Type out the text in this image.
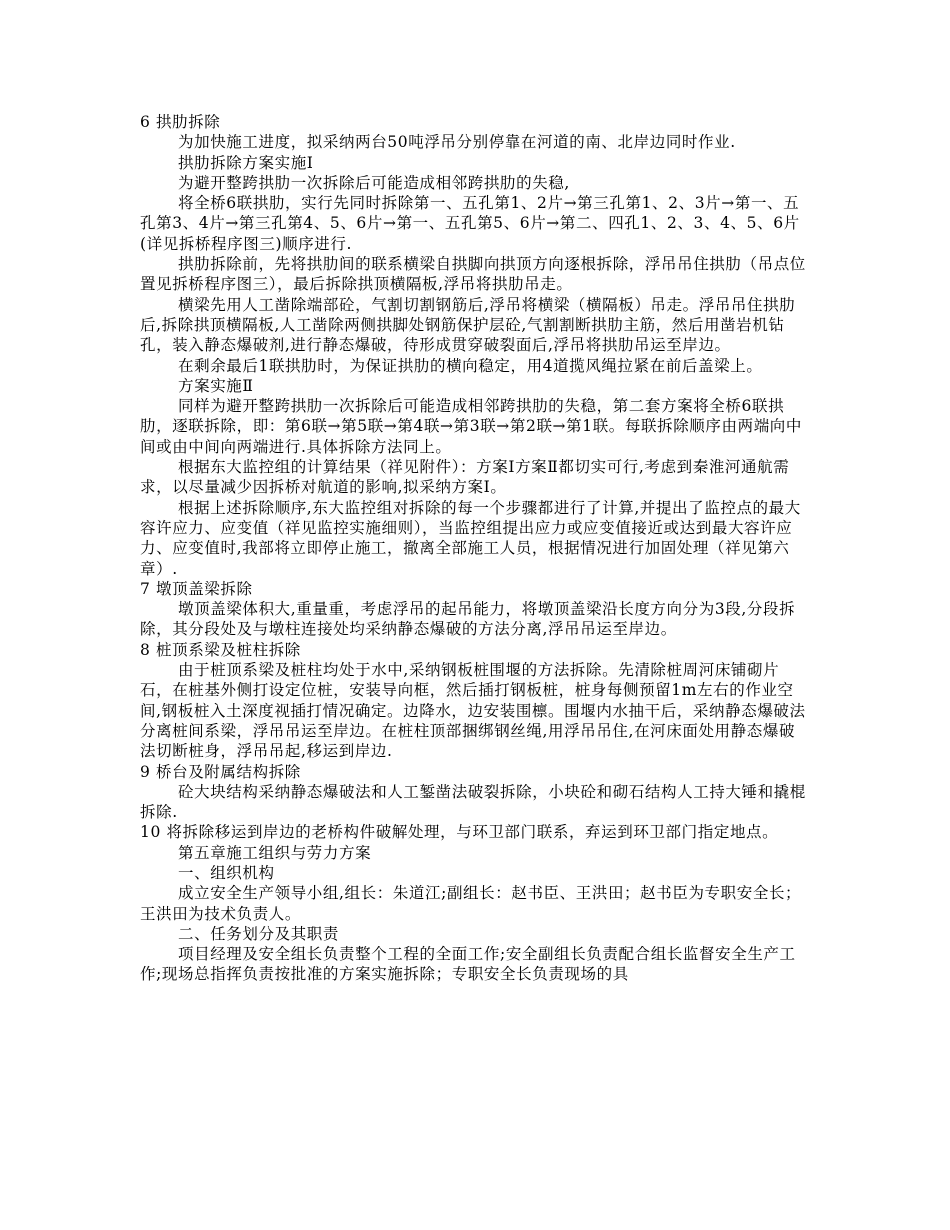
6 拱肋拆除

为加快施工进度，拟采纳两台50吨浮吊分别停靠在河道的南、北岸边同时作业.

拱肋拆除方案实施Ⅰ

为避开整跨拱肋一次拆除后可能造成相邻跨拱肋的失稳,

将全桥6联拱肋，实行先同时拆除第一、五孔第1、2片→第三孔第1、2、3片→第一、五孔第3、4片→第三孔第4、5、6片→第一、五孔第5、6片→第二、四孔1、2、3、4、5、6片(详见拆桥程序图三)顺序进行.

拱肋拆除前，先将拱肋间的联系横梁自拱脚向拱顶方向逐根拆除，浮吊吊住拱肋（吊点位置见拆桥程序图三），最后拆除拱顶横隔板,浮吊将拱肋吊走。

横梁先用人工凿除端部砼，气割切割钢筋后,浮吊将横梁（横隔板）吊走。浮吊吊住拱肋后,拆除拱顶横隔板,人工凿除两侧拱脚处钢筋保护层砼,气割割断拱肋主筋，然后用凿岩机钻孔，装入静态爆破剂,进行静态爆破，待形成贯穿破裂面后,浮吊将拱肋吊运至岸边。

在剩余最后1联拱肋时，为保证拱肋的横向稳定，用4道揽风绳拉紧在前后盖梁上。

方案实施Ⅱ

同样为避开整跨拱肋一次拆除后可能造成相邻跨拱肋的失稳，第二套方案将全桥6联拱肋，逐联拆除，即：第6联→第5联→第4联→第3联→第2联→第1联。每联拆除顺序由两端向中间或由中间向两端进行.具体拆除方法同上。

根据东大监控组的计算结果（祥见附件）：方案Ⅰ方案Ⅱ都切实可行,考虑到秦淮河通航需求，以尽量减少因拆桥对航道的影响,拟采纳方案Ⅰ。

根据上述拆除顺序,东大监控组对拆除的每一个步骤都进行了计算,并提出了监控点的最大容许应力、应变值（祥见监控实施细则），当监控组提出应力或应变值接近或达到最大容许应力、应变值时,我部将立即停止施工，撤离全部施工人员，根据情况进行加固处理（祥见第六章）.

7 墩顶盖梁拆除

墩顶盖梁体积大,重量重，考虑浮吊的起吊能力，将墩顶盖梁沿长度方向分为3段,分段拆除，其分段处及与墩柱连接处均采纳静态爆破的方法分离,浮吊吊运至岸边。

8 桩顶系梁及桩柱拆除

由于桩顶系梁及桩柱均处于水中,采纳钢板桩围堰的方法拆除。先清除桩周河床铺砌片石，在桩基外侧打设定位桩，安装导向框，然后插打钢板桩，桩身每侧预留1m左右的作业空间,钢板桩入土深度视插打情况确定。边降水，边安装围檩。围堰内水抽干后，采纳静态爆破法分离桩间系梁，浮吊吊运至岸边。在桩柱顶部捆绑钢丝绳,用浮吊吊住,在河床面处用静态爆破法切断桩身，浮吊吊起,移运到岸边.

9 桥台及附属结构拆除

砼大块结构采纳静态爆破法和人工錾凿法破裂拆除，小块砼和砌石结构人工持大锤和撬棍拆除.

10 将拆除移运到岸边的老桥构件破解处理，与环卫部门联系，弃运到环卫部门指定地点。

第五章施工组织与劳力方案

一、组织机构

成立安全生产领导小组,组长：朱道江;副组长：赵书臣、王洪田；赵书臣为专职安全长；王洪田为技术负责人。

二、任务划分及其职责

项目经理及安全组长负责整个工程的全面工作;安全副组长负责配合组长监督安全生产工作;现场总指挥负责按批准的方案实施拆除；专职安全长负责现场的具
